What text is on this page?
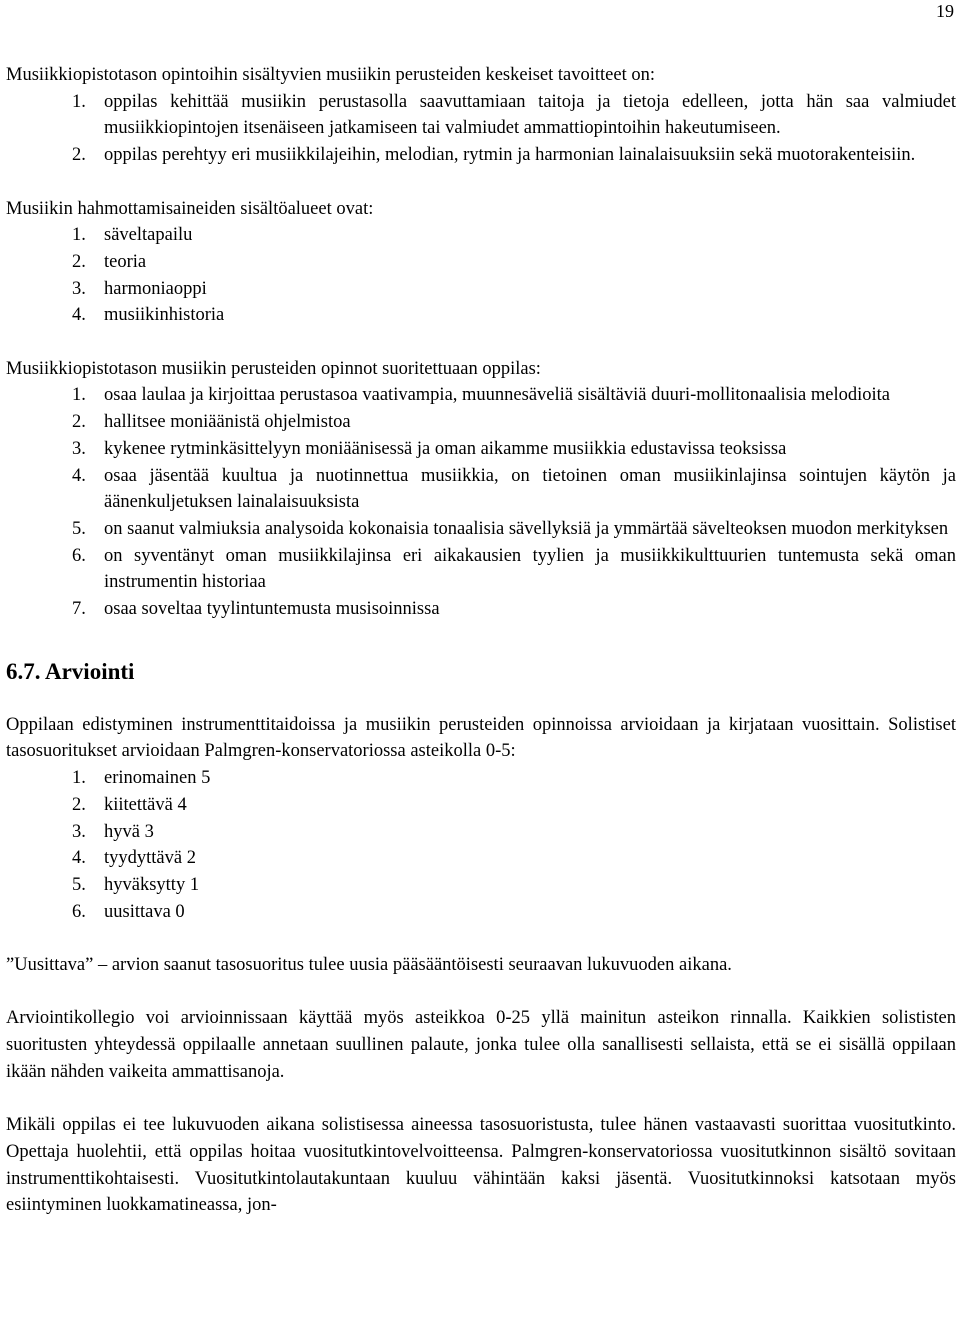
19

Musiikkiopistotason opintoihin sisältyvien musiikin perusteiden keskeiset tavoitteet on:

1. oppilas kehittää musiikin perustasolla saavuttamiaan taitoja ja tietoja edelleen, jotta hän saa valmiudet musiikkiopintojen itsenäiseen jatkamiseen tai valmiudet ammattiopintoihin hakeutumiseen.
2. oppilas perehtyy eri musiikkilajeihin, melodian, rytmin ja harmonian lainalaisuuksiin sekä muotorakenteisiin.

Musiikin hahmottamisaineiden sisältöalueet ovat:

1. säveltapailu
2. teoria
3. harmoniaoppi
4. musiikinhistoria

Musiikkiopistotason musiikin perusteiden opinnot suoritettuaan oppilas:

1. osaa laulaa ja kirjoittaa perustasoa vaativampia, muunnesäveliä sisältäviä duuri-mollitonaalisia melodioita
2. hallitsee moniäänistä ohjelmistoa
3. kykenee rytminkäsittelyyn moniäänisessä ja oman aikamme musiikkia edustavissa teoksissa
4. osaa jäsentää kuultua ja nuotinnettua musiikkia, on tietoinen oman musiikinlajinsa sointujen käytön ja äänenkuljetuksen lainalaisuuksista
5. on saanut valmiuksia analysoida kokonaisia tonaalisia sävellyksiä ja ymmärtää sävelteoksen muodon merkityksen
6. on syventänyt oman musiikkilajinsa eri aikakausien tyylien ja musiikkikulttuurien tuntemusta sekä oman instrumentin historiaa
7. osaa soveltaa tyylintuntemusta musisoinnissa
6.7. Arviointi

Oppilaan edistyminen instrumenttitaidoissa ja musiikin perusteiden opinnoissa arvioidaan ja kirjataan vuosittain. Solistiset tasosuoritukset arvioidaan Palmgren-konservatoriossa asteikolla 0-5:

1. erinomainen 5
2. kiitettävä 4
3. hyvä 3
4. tyydyttävä 2
5. hyväksytty 1
6. uusittava 0

”Uusittava” – arvion saanut tasosuoritus tulee uusia pääsääntöisesti seuraavan lukuvuoden aikana.

Arviointikollegio voi arvioinnissaan käyttää myös asteikkoa 0-25 yllä mainitun asteikon rinnalla. Kaikkien solististen suoritusten yhteydessä oppilaalle annetaan suullinen palaute, jonka tulee olla sanallisesti sellaista, että se ei sisällä oppilaan ikään nähden vaikeita ammattisanoja.

Mikäli oppilas ei tee lukuvuoden aikana solistisessa aineessa tasosuoristusta, tulee hänen vastaavasti suorittaa vuositutkinto. Opettaja huolehtii, että oppilas hoitaa vuositutkintovelvoitteensa. Palmgren-konservatoriossa vuositutkinnon sisältö sovitaan instrumenttikohtaisesti. Vuositutkintolautakuntaan kuuluu vähintään kaksi jäsentä. Vuositutkinnoksi katsotaan myös esiintyminen luokkamatineassa, jon-
